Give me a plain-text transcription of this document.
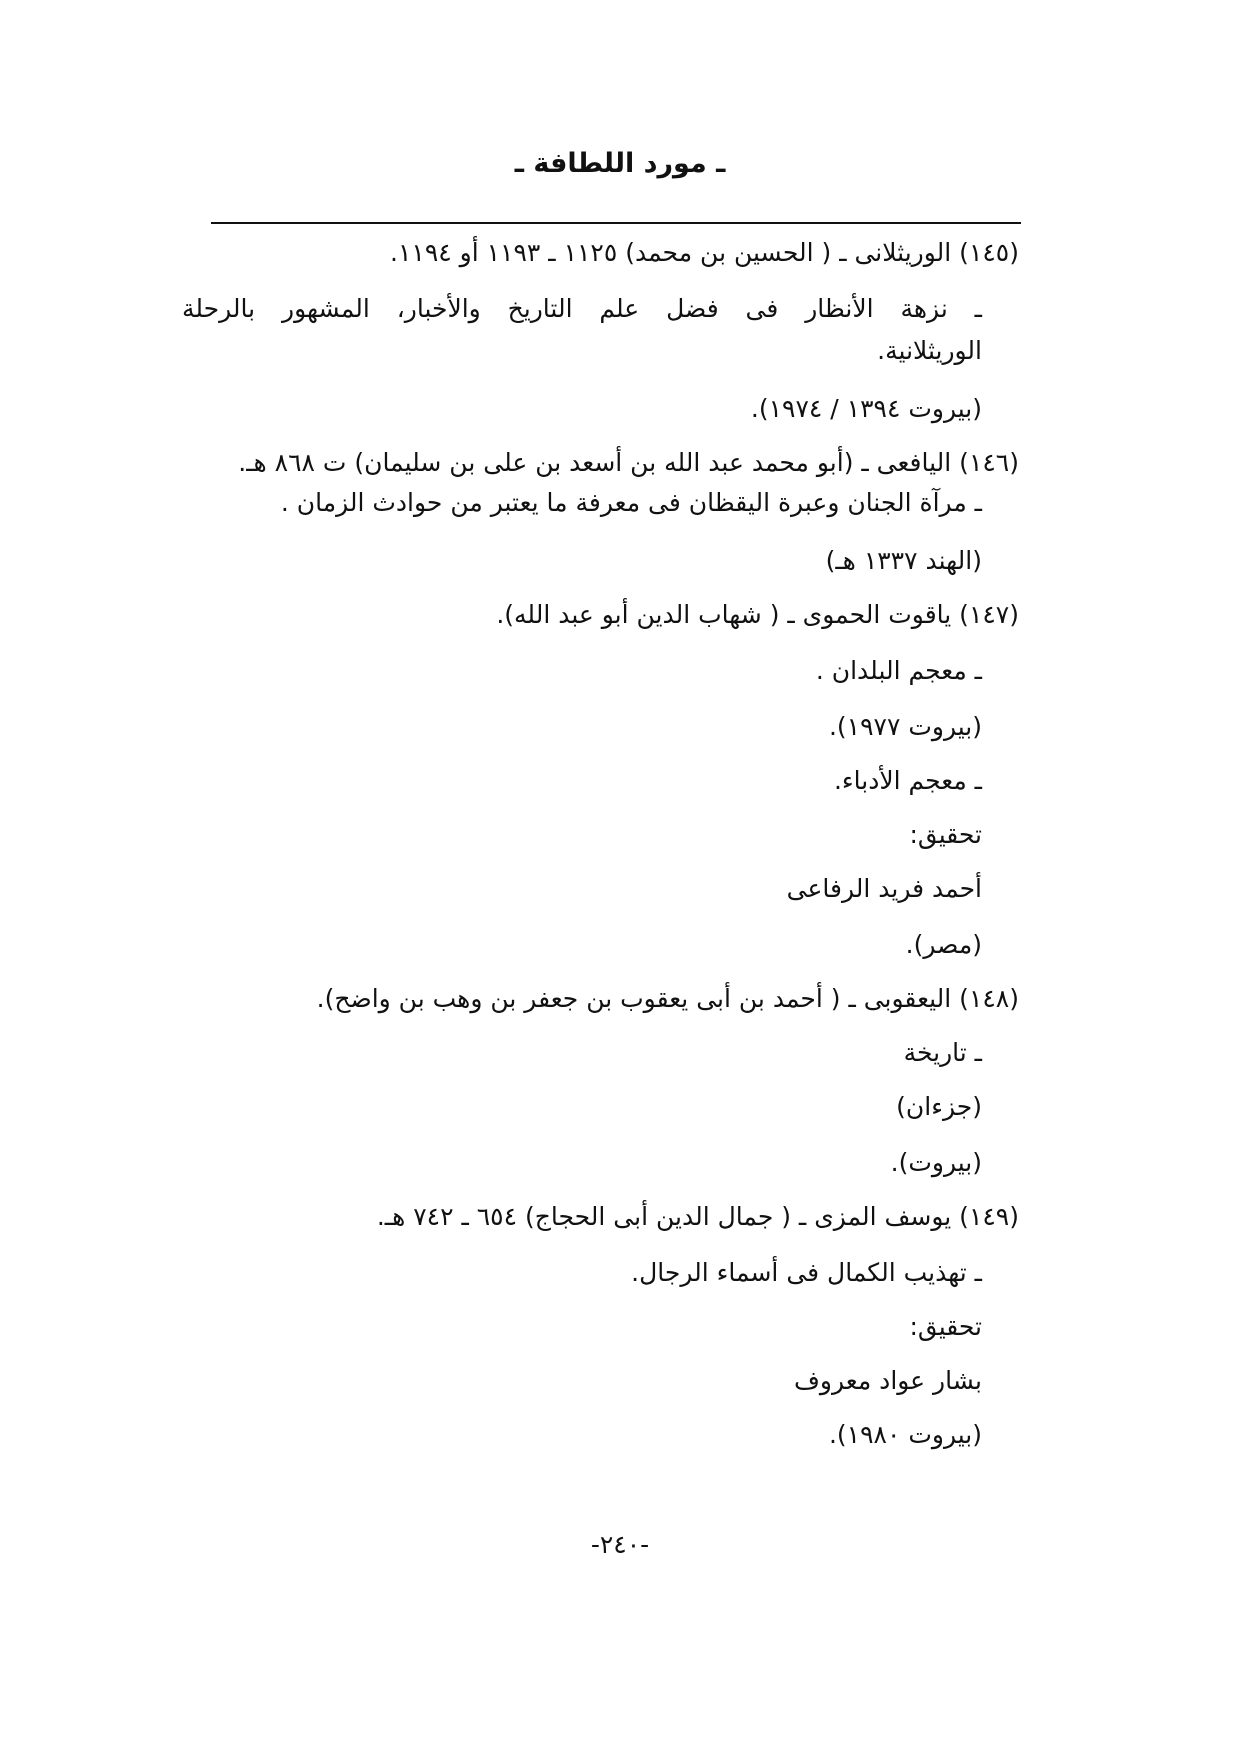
ـ مورد اللطافة ـ
(١٤٥) الوريثلانى ـ ( الحسين بن محمد) ١١٢٥ ـ ١١٩٣ أو ١١٩٤.
ـ نزهة الأنظار فى فضل علم التاريخ والأخبار، المشهور بالرحلة
الوريثلانية.
(بيروت ١٣٩٤ / ١٩٧٤).
(١٤٦) اليافعى ـ (أبو محمد عبد الله بن أسعد بن على بن سليمان) ت ٨٦٨ هـ.
ـ مرآة الجنان وعبرة اليقظان فى معرفة ما يعتبر من حوادث الزمان .
(الهند ١٣٣٧ هـ)
(١٤٧) ياقوت الحموى ـ ( شهاب الدين أبو عبد الله).
ـ معجم البلدان .
(بيروت ١٩٧٧).
ـ معجم الأدباء.
تحقيق:
أحمد فريد الرفاعى
(مصر).
(١٤٨) اليعقوبى ـ ( أحمد بن أبى يعقوب بن جعفر بن وهب بن واضح).
ـ تاريخة
(جزءان)
(بيروت).
(١٤٩) يوسف المزى ـ ( جمال الدين أبى الحجاج) ٦٥٤ ـ ٧٤٢ هـ.
ـ تهذيب الكمال فى أسماء الرجال.
تحقيق:
بشار عواد معروف
(بيروت ١٩٨٠).
-٢٤٠-
